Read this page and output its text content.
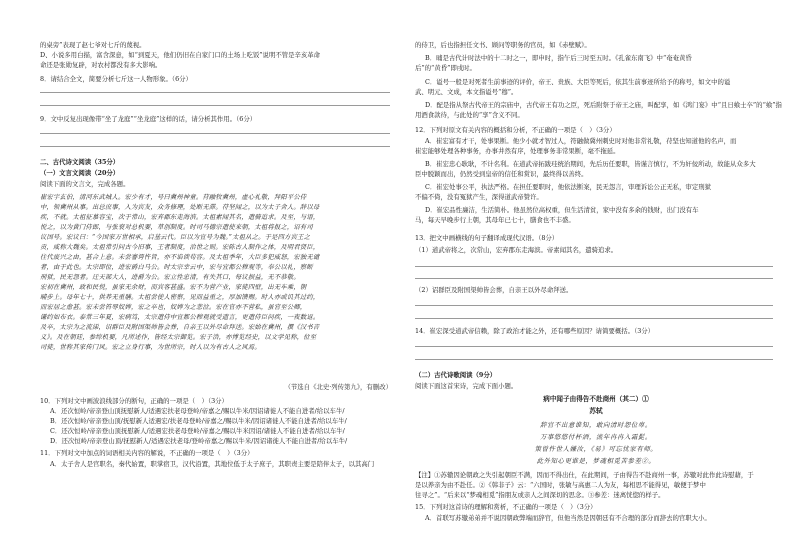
的桌旁”表现了赵七爷对七斤的蔑视。
D、小说多用白描，富含深意，如“到夏天，他们仍旧在自家门口的土场上吃饭”说明不管是辛亥革命
命还是张勋复辟，对农村都没有多大影响。
8．请结合全文，简要分析七斤这一人物形象。（6分）
9．文中反复出现像带“坐了龙庭”“坐龙庭”这样的话，请分析其作用。（6分）
二、古代诗文阅读（35分）
（一）文言文阅读（20分）
阅读下面的文言文，完成各题。
崔宏字玄伯，清河东武城人。宏少有才，号曰冀州神童。苻融牧冀州，虚心礼敬，拜阳平公侍
中，领冀州从事。出总庶事，入为宾友，众务修理，处断无滞。苻坚闻之，以为太子舍人。辞以母
疾，不就。太祖征慕容宝，次于常山，宏弃郡东走海滨。太祖素闻其名，遣骑追求。及至，与语，
悦之，以为黄门侍郎，与张衮对总机要，草创制度。时司马德宗遣使来朝，太祖将报之，诏有司
议国号。宏议曰：“今国家万世相承，启基云代。臣以为宜号为魏。”太祖从之。于是四方宾王之
贡，咸称大魏矣。太祖常引问古今旧事，王者制度，治世之则。宏陈古人制作之体，及明君贤臣，
往代废兴之由，甚合上意。未尝謇谔忤旨，亦不谄谀苟容。及太祖季年，大臣多犯威怒，宏独无谴
者，由于此也。太宗即位，进宏爵白马公。时太宗幸云中，宏与宜都公穆观等，奉公以礼，察断
刑狱，民无怨者。迁天部大人，进爵为公。宏立性忠清，有失其口，每议损益，无不恭敬。
宏初在冀州，政和民悦，虽家无余财，而宾客甚盛。宏不为营产业，家徒四壁，出无车乘，朝
晡步上。母年七十，供养无重膳。太祖尝使人密察，见而益重之，厚加馈赐。时人亦或讥其过约，
而宏居之愈甚。宏未尝笞辱奴婢，宏之卒也，奴婢为之悲泣。宏在官亦不营私，虽官至公卿，
谦约如布衣。泰常三年夏，宏病笃，太宗遣侍中宜都公穆观就受遗言，更遣侍臣问疾，一夜数返。
及卒，太宗为之流涕，诏群臣及附国渠帅皆会葬，自亲王以外尽命拜送。宏始在冀州，撰《汉书音
义》。及在朝廷，参综机要，凡所述作，皆经太宗御览。宏子浩，亦博览经史，以文学见称，位至
司徒，世称其家传门风。宏之立身行事，为世所宗，时人以为有古人之风焉。
（节选自《北史·列传第九》，有删改）
10．下列对文中画波浪线部分的断句，正确的一项是（　）（3分）
A．还次恒岭/帝亲登山顶抚慰新人/适遇宏扶老母登岭/帝嘉之/赐以牛米/因诏诸徙人不能自进者/给以车牛/
B．还次恒岭/帝亲登山顶/抚慰新人适遇宏/扶老母登岭/帝嘉之/赐以牛米/因诏诸徙人不能自进者/给以车牛/
C．还次恒岭/帝亲登山顶抚慰新人/适遇宏扶老母登岭/帝嘉之/赐以牛米因诏/诸徙人不能自进者/给以车牛/
D．还次恒岭/帝亲登山顶/抚慰新人/适遇宏扶老母/登岭帝嘉之/赐以牛米/因诏诸徙人不能自进者/给以车牛/
11．下列对文中加点的词语相关内容的解说，不正确的一项是（　）（3分）
A．太子舍人是官职名，秦代始置，职掌宿卫，汉代沿置，其地位低于太子庶子，其职责主要是陪伴太子，以其高门
的侍卫，后也指担任文书、顾问等职务的官员，如《赤壁赋》。
B．晡是古代计时法中的十二时之一，即申时，指午后三时至五时。《孔雀东南飞》中“奄奄黄昏
后”的“黄昏”即戌时。
C．谥号一般是对死者生前事迹的评价，帝王、贵族、大臣等死后，依其生前事迹所给予的称号，如文中的谥
武、明元、文成，本文指谥号“穆”。
D．配是指从祭古代帝王的宗庙中，古代帝王有功之臣，死后附祭于帝王之庙，叫配享，如《鸿门宴》中“且日飨士卒”的“飨”指
用酒食款待，与此处的“享”含义不同。
12．下列对原文有关内容的概括和分析，不正确的一项是（　）（3分）
A．崔宏富有才干，处事果断。他少小就才智过人，符融做冀州刺史时对他非常礼敬，苻坚也知道他的名声，而
崔宏能够处理各种事务，办事井然有序，处理事务非常果断，毫不拖延。
B．崔宏忠心耿耿，不计名利。在道武帝拓跋珪统治期间，先后历任要职，皆谨言慎行，不为奸佞所动，故能从众多大
臣中脱颖而出，仍然受到皇帝的信任和赏识，最终得以善终。
C．崔宏处事公平，执法严格。在担任要职时，他依法断案，民无怨言，审理诉讼公正无私，审定刑狱
不偏不倚，没有冤狱产生，深得道武帝赞许。
D．崔宏品性廉洁，生活简朴。他虽然位高权重，但生活清贫，家中没有多余的钱财，出门没有车
马，每天早晚步行上朝，其母年已七十，膳食也不丰盛。
13．把文中画横线的句子翻译成现代汉语。（8分）
（1）道武帝将之，次常山，宏弃郡东走海滨。帝素闻其名，遣骑追求。
（2）诏群臣及附国渠帅皆会葬，自亲王以外尽命拜送。
14．崔宏深受道武帝信赖，除了政治才能之外，还有哪些原因？请简要概括。（3分）
（二）古代诗歌阅读（9分）
阅读下面这首宋诗，完成下面小题。
病中闻子由得告不赴商州（其二）①
苏轼
辞官不出意谁知，敢向清时怨位卑。
万事悠悠付杯酒，流年冉冉入霜髭。
策曾忤世人嫌汝，《易》可忘忧家有师。
此外知心更谁是，梦魂相觅苦参差②。
【注】①苏辙因论朝政之失引起朝臣不满，因而不得出仕，在此期间，子由得告不赴商州一事，苏辙对此作此诗慰藉，于
是以养亲为由不赴任。②《韩非子》云：“六国时，张敏与高惠二人为友，每相思不能得见，敏便于梦中
往寻之”。“后来以“梦魂相觅”指朋友或亲人之间深切的思念。③参差：迷离恍惚的样子。
15．下列对这首诗的理解和赏析，不正确的一项是（　）（3分）
A．首联写苏辙弟弟并不说因朝政弊端而辞官，但他当然是因朝廷有不合理的部分而辞去的官职大小。
